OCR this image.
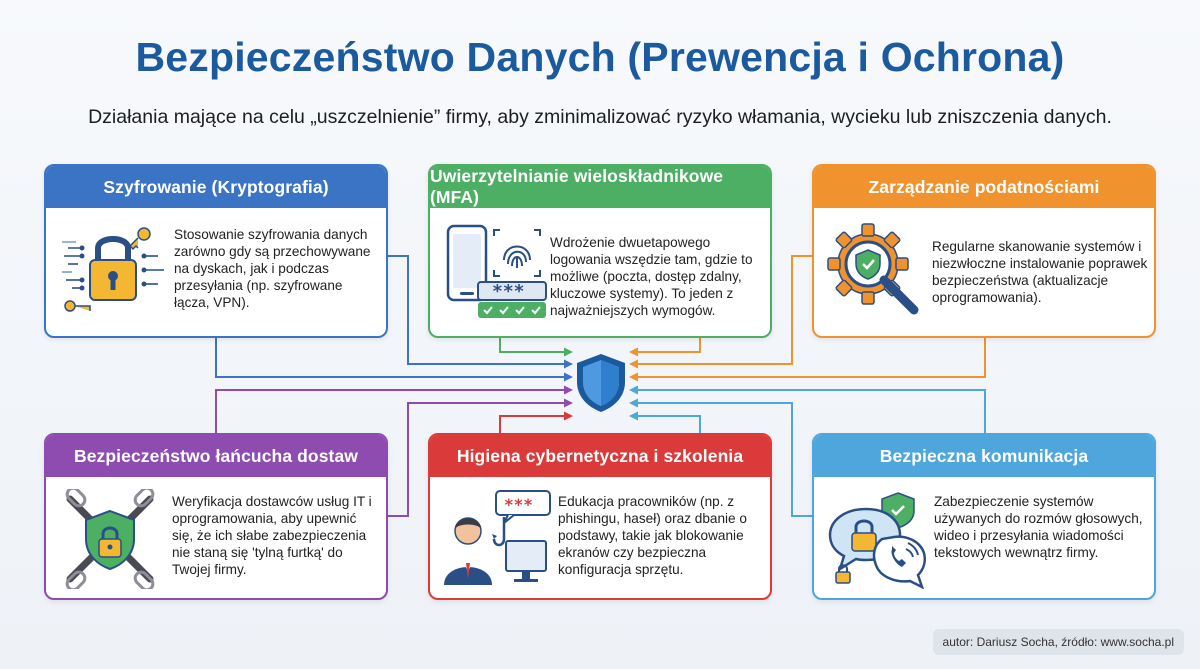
Bezpieczeństwo Danych (Prewencja i Ochrona)
Działania mające na celu „uszczelnienie” firmy, aby zminimalizować ryzyko włamania, wycieku lub zniszczenia danych.
Szyfrowanie (Kryptografia)
Stosowanie szyfrowania danych zarówno gdy są przechowywane na dyskach, jak i podczas przesyłania (np. szyfrowane łącza, VPN).
Uwierzytelnianie wieloskładnikowe (MFA)
***
Wdrożenie dwuetapowego logowania wszędzie tam, gdzie to możliwe (poczta, dostęp zdalny, kluczowe systemy). To jeden z najważniejszych wymogów.
Zarządzanie podatnościami
Regularne skanowanie systemów i niezwłoczne instalowanie poprawek bezpieczeństwa (aktualizacje oprogramowania).
Bezpieczeństwo łańcucha dostaw
Weryfikacja dostawców usług IT i oprogramowania, aby upewnić się, że ich słabe zabezpieczenia nie staną się 'tylną furtką' do Twojej firmy.
Higiena cybernetyczna i szkolenia
*** Edukacja pracowników (np. z phishingu, haseł) oraz dbanie o podstawy, takie jak blokowanie ekranów czy bezpieczna konfiguracja sprzętu.
Bezpieczna komunikacja
Zabezpieczenie systemów używanych do rozmów głosowych, wideo i przesyłania wiadomości tekstowych wewnątrz firmy.
autor: Dariusz Socha, źródło: www.socha.pl
